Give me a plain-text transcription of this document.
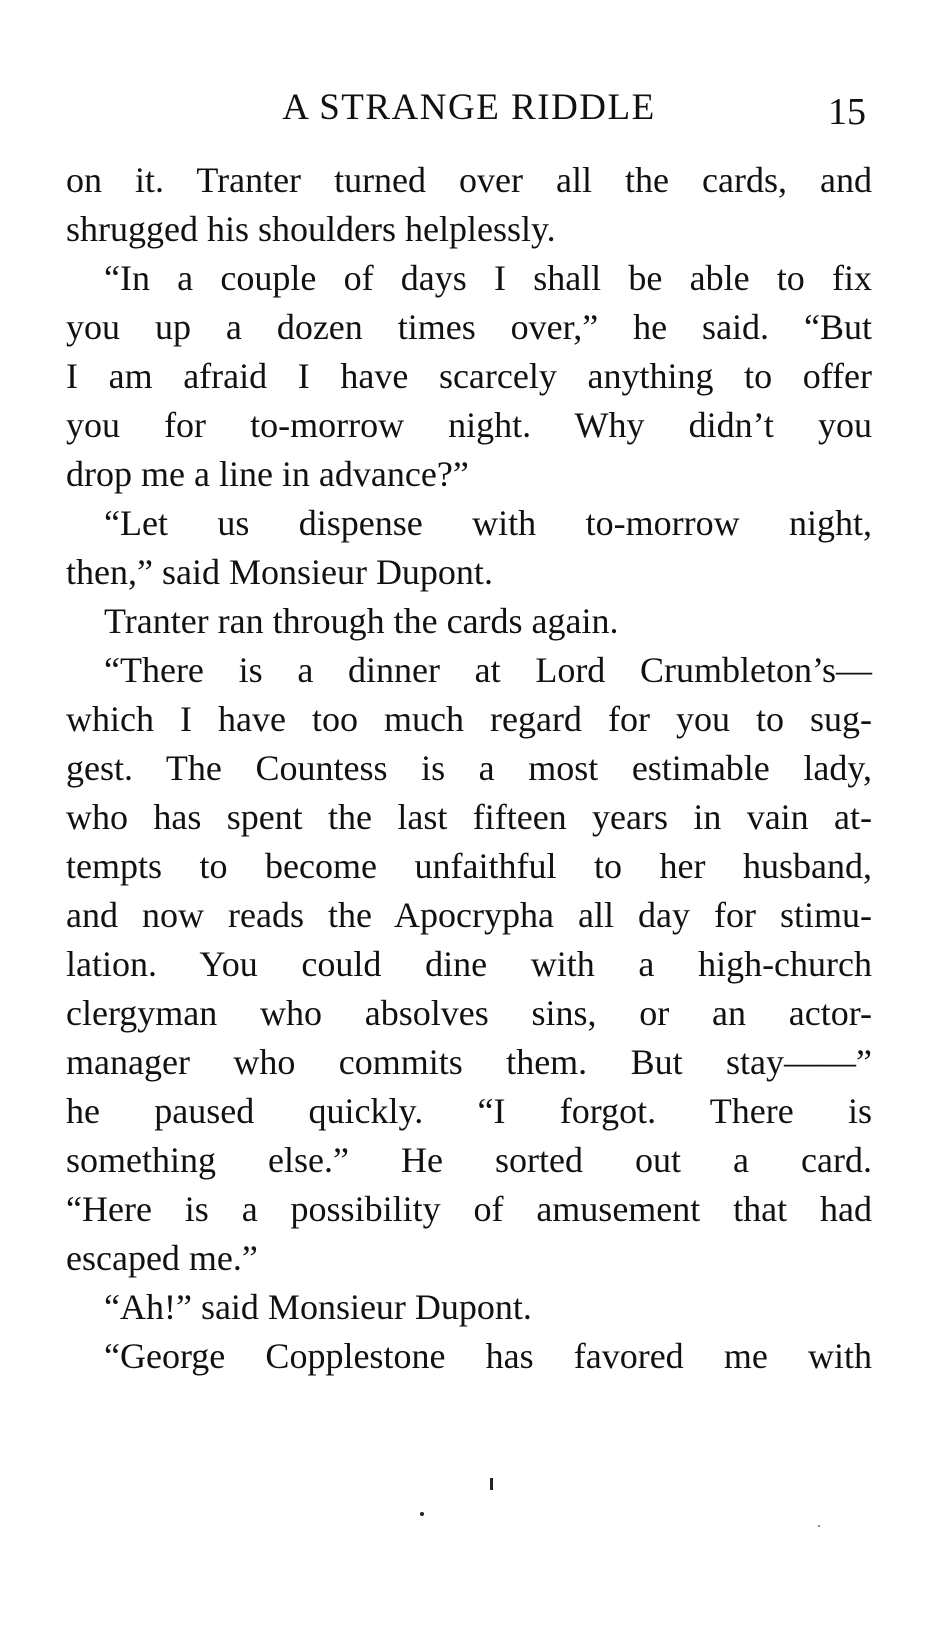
A STRANGE RIDDLE	15
on it. Tranter turned over all the cards, and
shrugged his shoulders helplessly.
“In a couple of days I shall be able to fix
you up a dozen times over,” he said. “But
I am afraid I have scarcely anything to offer
you for to-morrow night. Why didn’t you
drop me a line in advance?”
“Let us dispense with to-morrow night,
then,” said Monsieur Dupont.
Tranter ran through the cards again.
“There is a dinner at Lord Crumbleton’s—
which I have too much regard for you to sug-
gest. The Countess is a most estimable lady,
who has spent the last fifteen years in vain at-
tempts to become unfaithful to her husband,
and now reads the Apocrypha all day for stimu-
lation. You could dine with a high-church
clergyman who absolves sins, or an actor-
manager who commits them. But stay——”
he paused quickly. “I forgot. There is
something else.” He sorted out a card.
“Here is a possibility of amusement that had
escaped me.”
“Ah!” said Monsieur Dupont.
“George Copplestone has favored me with
